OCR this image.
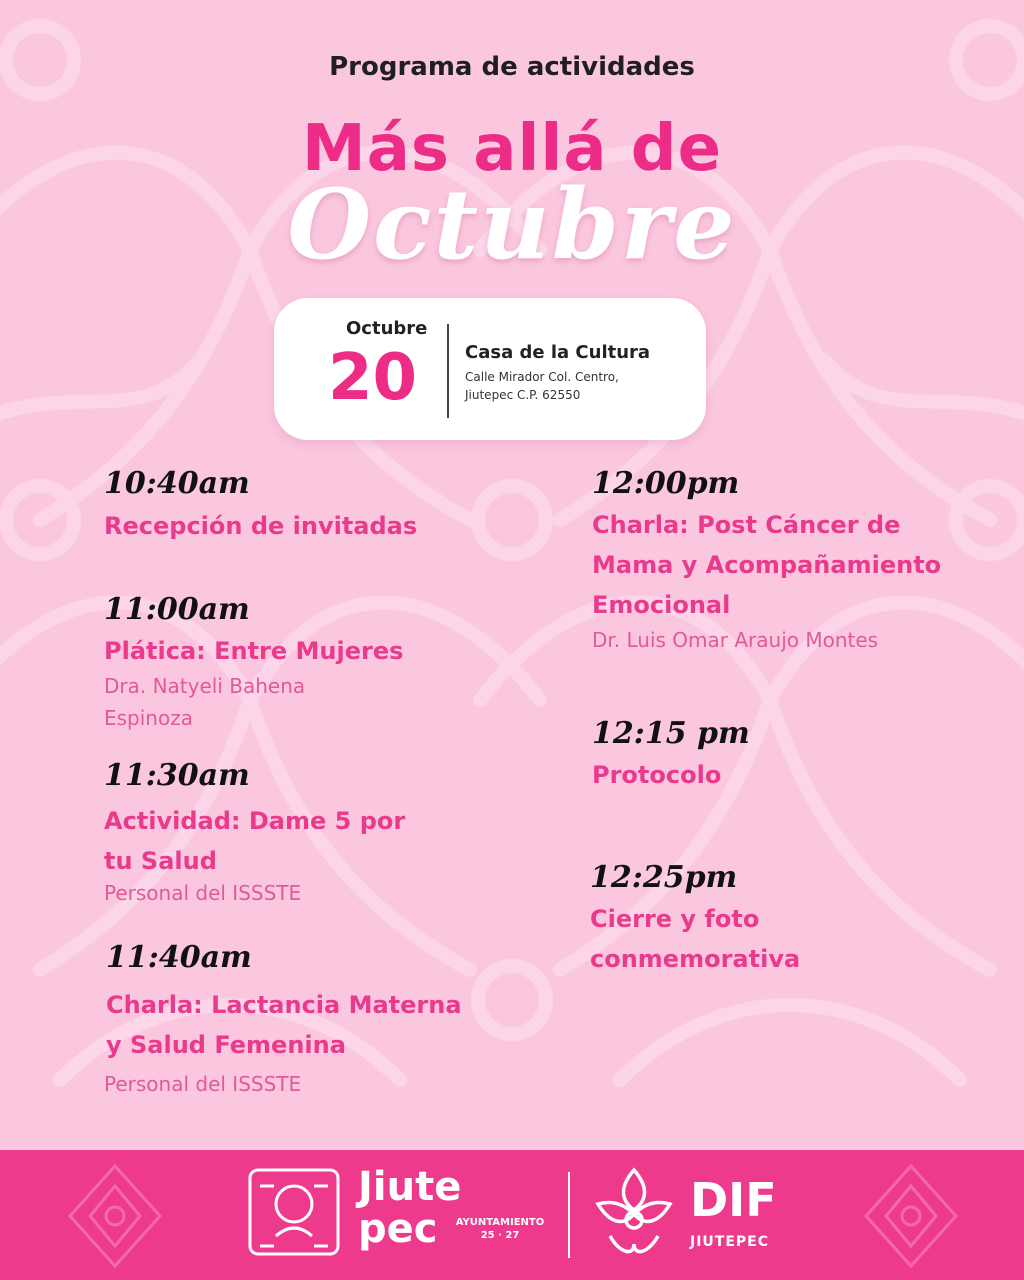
Programa de actividades
Más allá de
Octubre
Octubre
20	Casa de la Cultura
Calle Mirador Col. Centro,
Jiutepec C.P. 62550
10:40am
Recepción de invitadas
11:00am
Plática: Entre Mujeres
Dra. Natyeli Bahena
Espinoza
11:30am
Actividad: Dame 5 por
tu Salud
Personal del ISSSTE
11:40am
Charla: Lactancia Materna
y Salud Femenina
Personal del ISSSTE
12:00pm
Charla: Post Cáncer de
Mama y Acompañamiento
Emocional
Dr. Luis Omar Araujo Montes
12:15 pm
Protocolo
12:25pm
Cierre y foto
conmemorativa
Jiute
pec	AYUNTAMIENTO
25 · 27
DIF
JIUTEPEC
